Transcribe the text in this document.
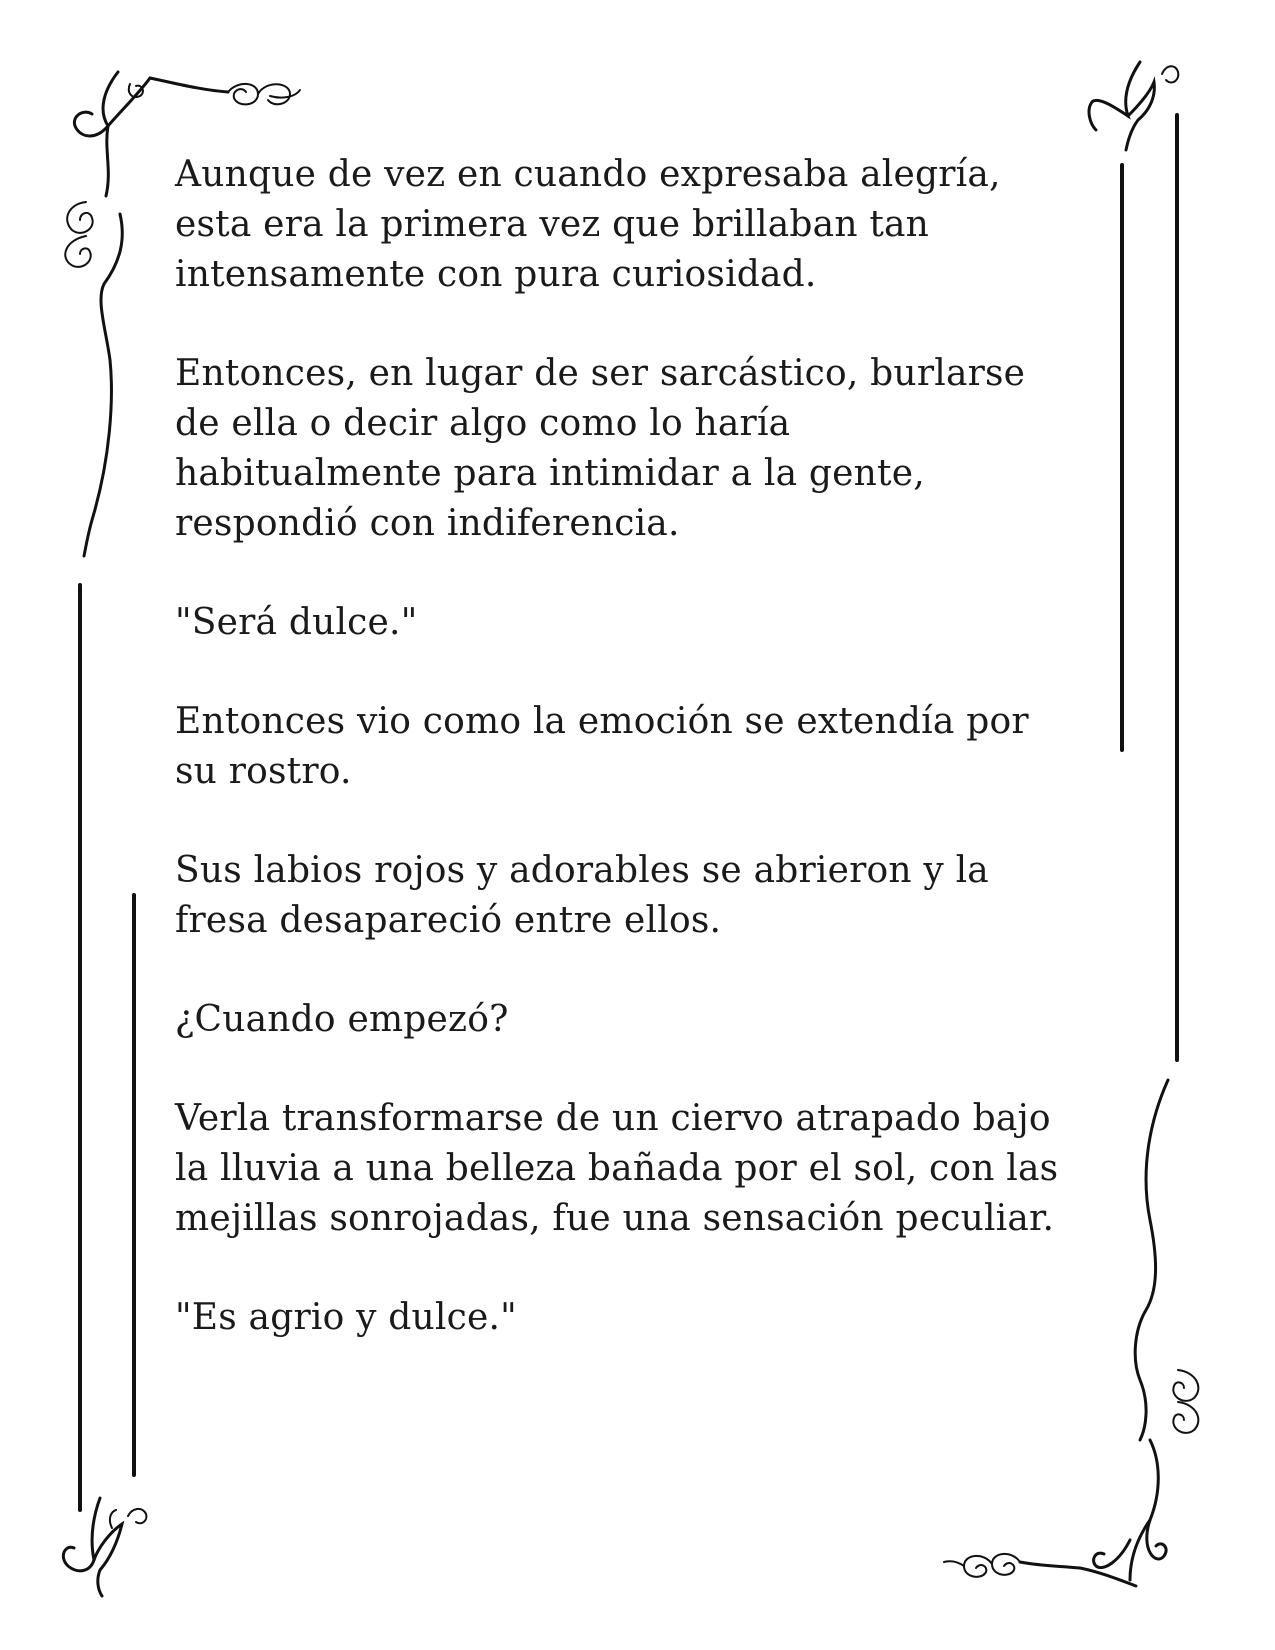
Aunque de vez en cuando expresaba alegría,
esta era la primera vez que brillaban tan
intensamente con pura curiosidad.

Entonces, en lugar de ser sarcástico, burlarse
de ella o decir algo como lo haría
habitualmente para intimidar a la gente,
respondió con indiferencia.

"Será dulce."

Entonces vio como la emoción se extendía por
su rostro.

Sus labios rojos y adorables se abrieron y la
fresa desapareció entre ellos.

¿Cuando empezó?

Verla transformarse de un ciervo atrapado bajo
la lluvia a una belleza bañada por el sol, con las
mejillas sonrojadas, fue una sensación peculiar.

"Es agrio y dulce."
